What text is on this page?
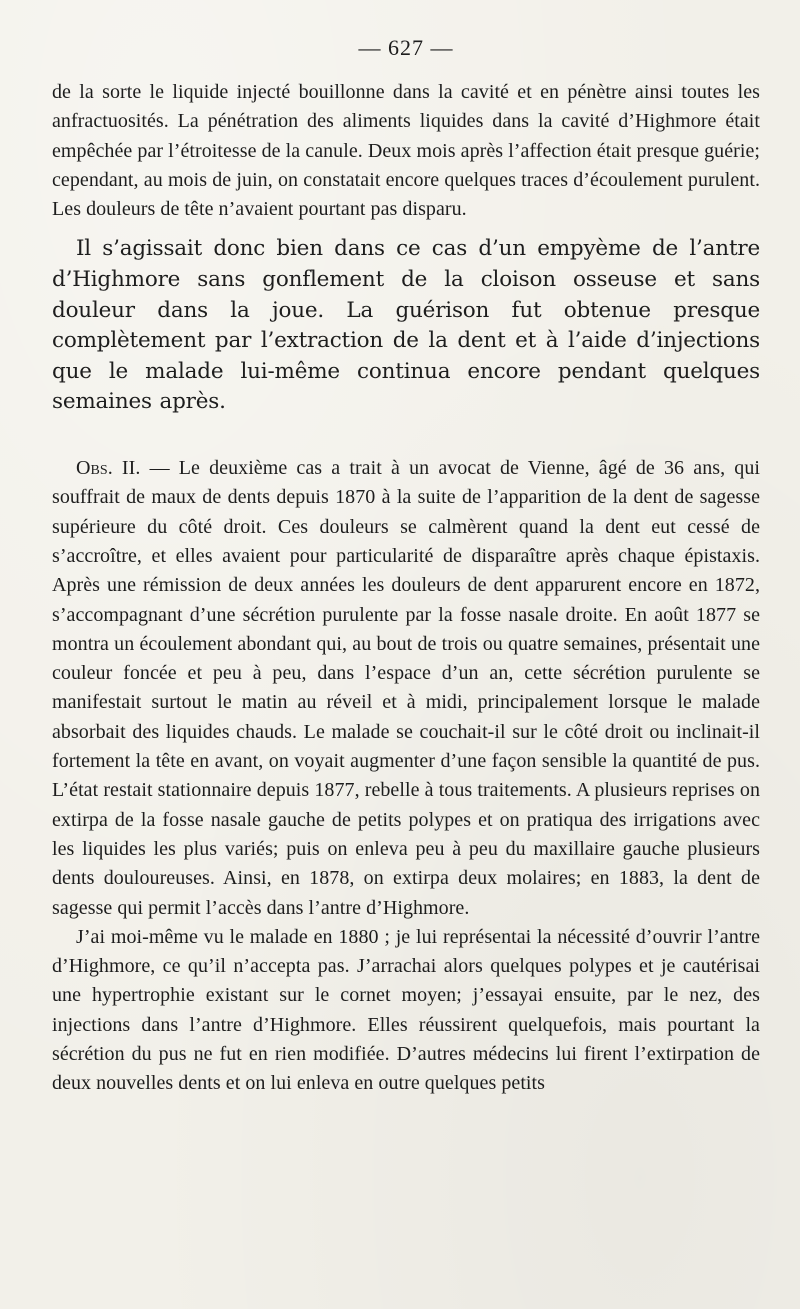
— 627 —

de la sorte le liquide injecté bouillonne dans la cavité et en pénètre ainsi toutes les anfractuosités. La pénétration des aliments liquides dans la cavité d’Highmore était empêchée par l’étroitesse de la canule. Deux mois après l’affection était presque guérie; cependant, au mois de juin, on constatait encore quelques traces d’écoulement purulent. Les douleurs de tête n’avaient pourtant pas disparu.

Il s’agissait donc bien dans ce cas d’un empyème de l’antre d’Highmore sans gonflement de la cloison osseuse et sans douleur dans la joue. La guérison fut obtenue presque complètement par l’extraction de la dent et à l’aide d’injections que le malade lui-même continua encore pendant quelques semaines après.

Obs. II. — Le deuxième cas a trait à un avocat de Vienne, âgé de 36 ans, qui souffrait de maux de dents depuis 1870 à la suite de l’apparition de la dent de sagesse supérieure du côté droit. Ces douleurs se calmèrent quand la dent eut cessé de s’accroître, et elles avaient pour particularité de disparaître après chaque épistaxis. Après une rémission de deux années les douleurs de dent apparurent encore en 1872, s’accompagnant d’une sécrétion purulente par la fosse nasale droite. En août 1877 se montra un écoulement abondant qui, au bout de trois ou quatre semaines, présentait une couleur foncée et peu à peu, dans l’espace d’un an, cette sécrétion purulente se manifestait surtout le matin au réveil et à midi, principalement lorsque le malade absorbait des liquides chauds. Le malade se couchait-il sur le côté droit ou inclinait-il fortement la tête en avant, on voyait augmenter d’une façon sensible la quantité de pus. L’état restait stationnaire depuis 1877, rebelle à tous traitements. A plusieurs reprises on extirpa de la fosse nasale gauche de petits polypes et on pratiqua des irrigations avec les liquides les plus variés; puis on enleva peu à peu du maxillaire gauche plusieurs dents douloureuses. Ainsi, en 1878, on extirpa deux molaires; en 1883, la dent de sagesse qui permit l’accès dans l’antre d’Highmore.

J’ai moi-même vu le malade en 1880 ; je lui représentai la nécessité d’ouvrir l’antre d’Highmore, ce qu’il n’accepta pas. J’arrachai alors quelques polypes et je cautérisai une hypertrophie existant sur le cornet moyen; j’essayai ensuite, par le nez, des injections dans l’antre d’Highmore. Elles réussirent quelquefois, mais pourtant la sécrétion du pus ne fut en rien modifiée. D’autres médecins lui firent l’extirpation de deux nouvelles dents et on lui enleva en outre quelques petits
